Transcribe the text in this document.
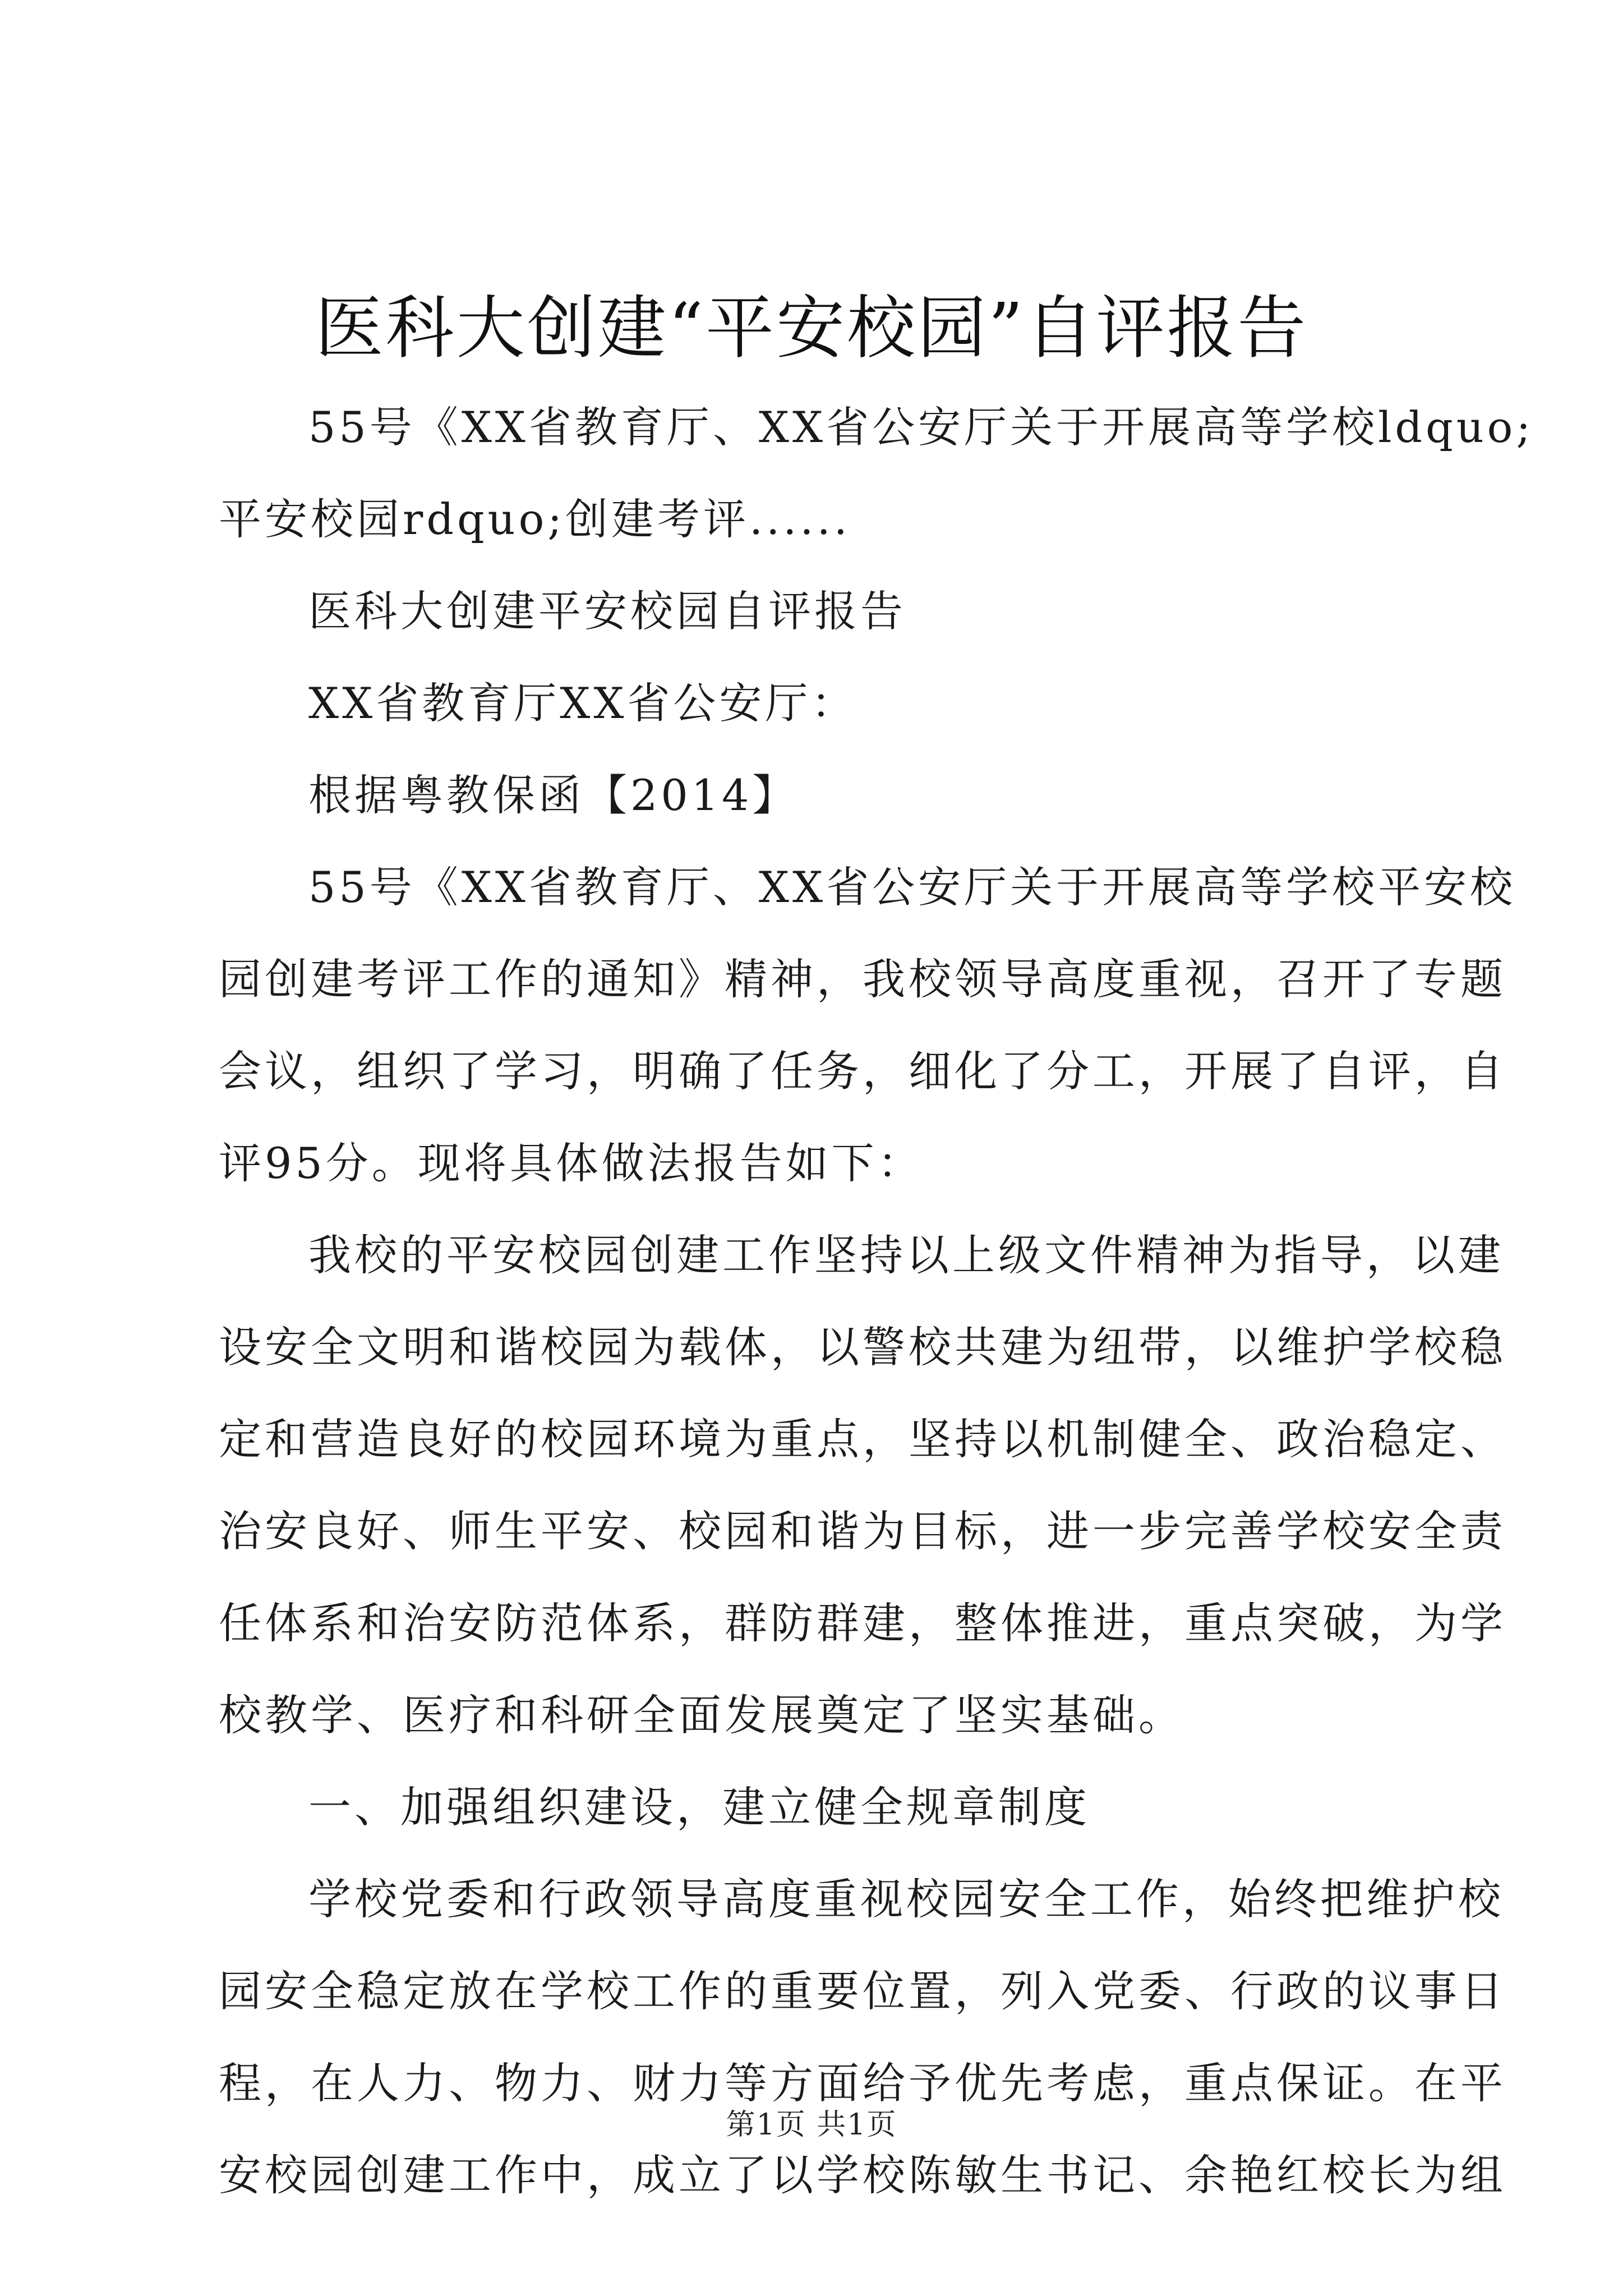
医科大创建“平安校园”自评报告
55号《XX省教育厅、XX省公安厅关于开展高等学校ldquo;
平安校园rdquo;创建考评......
医科大创建平安校园自评报告
XX省教育厅XX省公安厅：
根据粤教保函【2014】
55号《XX省教育厅、XX省公安厅关于开展高等学校平安校
园创建考评工作的通知》精神，我校领导高度重视，召开了专题
会议，组织了学习，明确了任务，细化了分工，开展了自评，自
评95分。现将具体做法报告如下：
我校的平安校园创建工作坚持以上级文件精神为指导，以建
设安全文明和谐校园为载体，以警校共建为纽带，以维护学校稳
定和营造良好的校园环境为重点，坚持以机制健全、政治稳定、
治安良好、师生平安、校园和谐为目标，进一步完善学校安全责
任体系和治安防范体系，群防群建，整体推进，重点突破，为学
校教学、医疗和科研全面发展奠定了坚实基础。
一、加强组织建设，建立健全规章制度
学校党委和行政领导高度重视校园安全工作，始终把维护校
园安全稳定放在学校工作的重要位置，列入党委、行政的议事日
程，在人力、物力、财力等方面给予优先考虑，重点保证。在平
安校园创建工作中，成立了以学校陈敏生书记、余艳红校长为组
第1页 共1页
